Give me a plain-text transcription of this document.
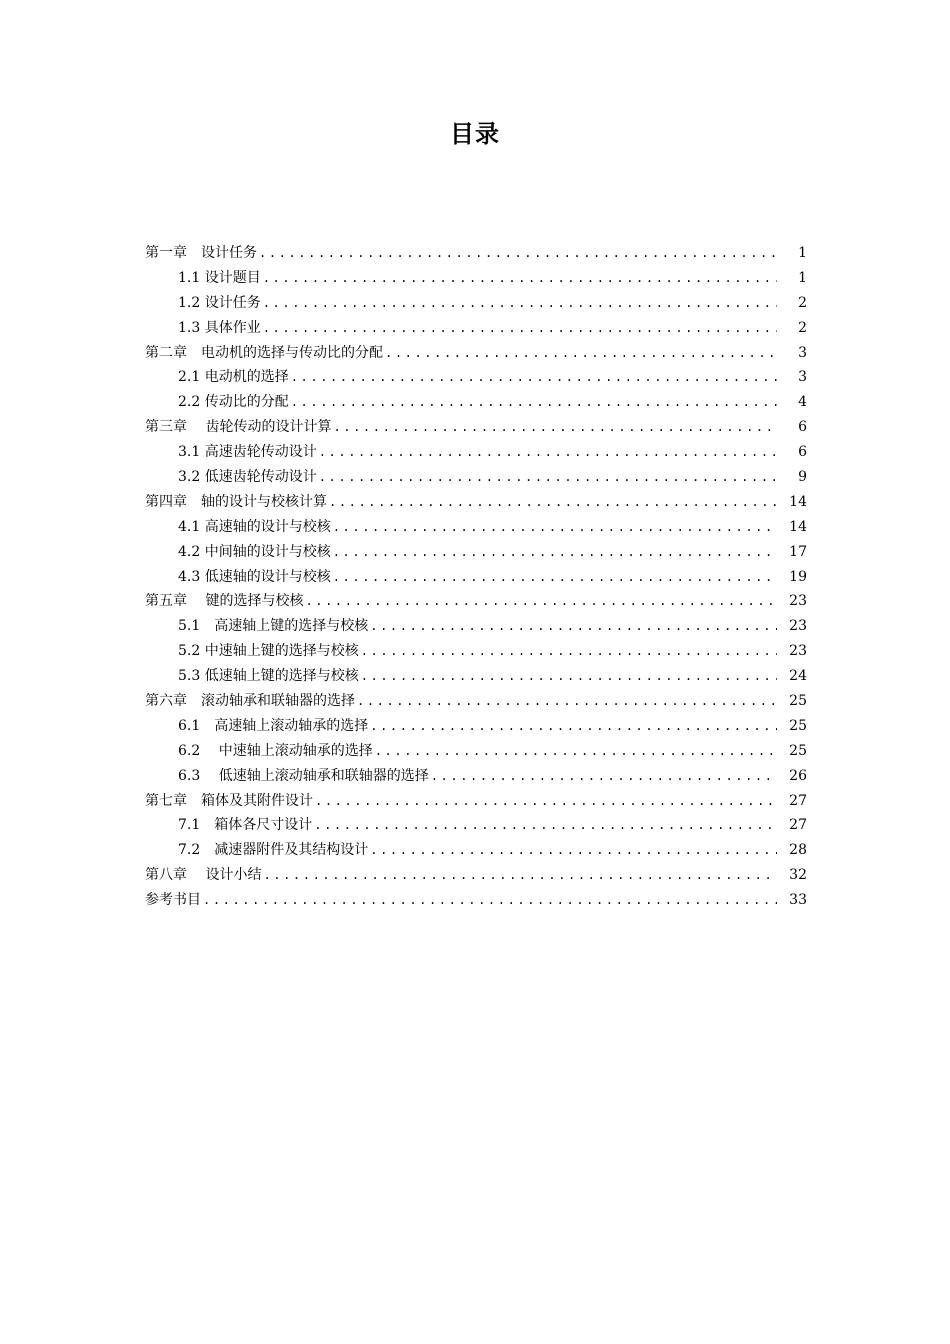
目录
第一章　设计任务 .....	1
1.1 设计题目 .....	1
1.2 设计任务 .....	2
1.3 具体作业 .....	2
第二章　电动机的选择与传动比的分配 .....	3
2.1 电动机的选择 .....	3
2.2 传动比的分配 .....	4
第三章　 齿轮传动的设计计算 .....	6
3.1 高速齿轮传动设计 .....	6
3.2 低速齿轮传动设计 .....	9
第四章　轴的设计与校核计算 .....	14
4.1 高速轴的设计与校核 .....	14
4.2 中间轴的设计与校核 .....	17
4.3 低速轴的设计与校核 .....	19
第五章　 键的选择与校核 .....	23
5.1　高速轴上键的选择与校核 .....	23
5.2 中速轴上键的选择与校核 .....	23
5.3 低速轴上键的选择与校核 .....	24
第六章　滚动轴承和联轴器的选择 .....	25
6.1　高速轴上滚动轴承的选择 .....	25
6.2　 中速轴上滚动轴承的选择 .....	25
6.3　 低速轴上滚动轴承和联轴器的选择 .....	26
第七章　箱体及其附件设计 .....	27
7.1　箱体各尺寸设计 .....	27
7.2　减速器附件及其结构设计 .....	28
第八章　 设计小结 .....	32
参考书目 .....	33
